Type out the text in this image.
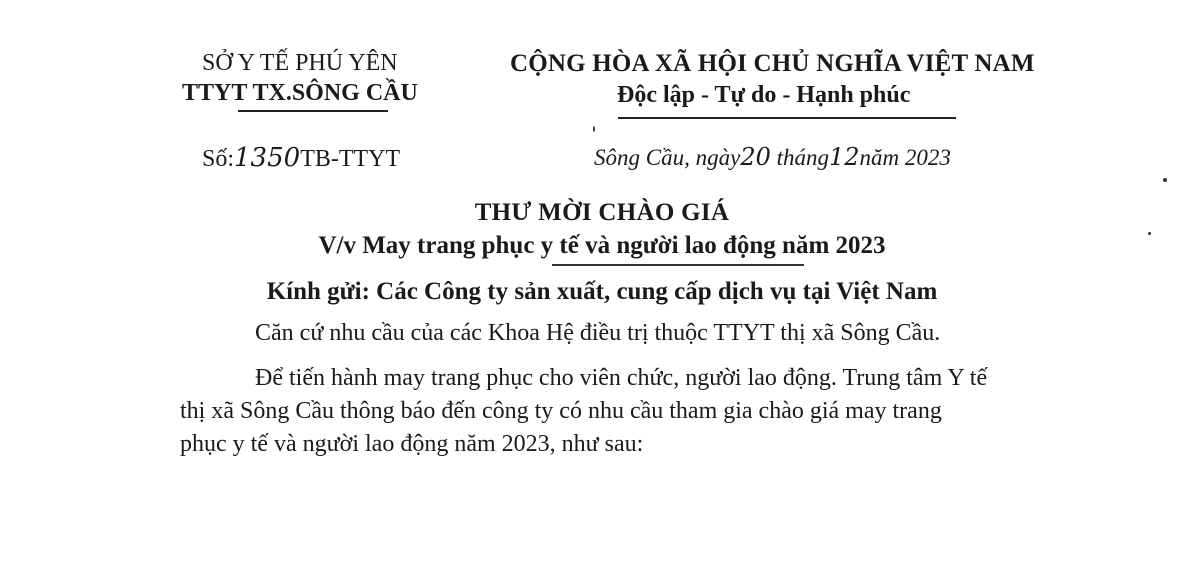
SỞ Y TẾ PHÚ YÊN
TTYT TX.SÔNG CẦU
CỘNG HÒA XÃ HỘI CHỦ NGHĨA VIỆT NAM
Độc lập - Tự do - Hạnh phúc
Số:1350TB-TTYT	Sông Cầu, ngày20 tháng12năm 2023
THƯ MỜI CHÀO GIÁ
V/v May trang phục y tế và người lao động năm 2023
Kính gửi: Các Công ty sản xuất, cung cấp dịch vụ tại Việt Nam
Căn cứ nhu cầu của các Khoa Hệ điều trị thuộc TTYT thị xã Sông Cầu.
Để tiến hành may trang phục cho viên chức, người lao động. Trung tâm Y tế
thị xã Sông Cầu thông báo đến công ty có nhu cầu tham gia chào giá may trang
phục y tế và người lao động năm 2023, như sau:
